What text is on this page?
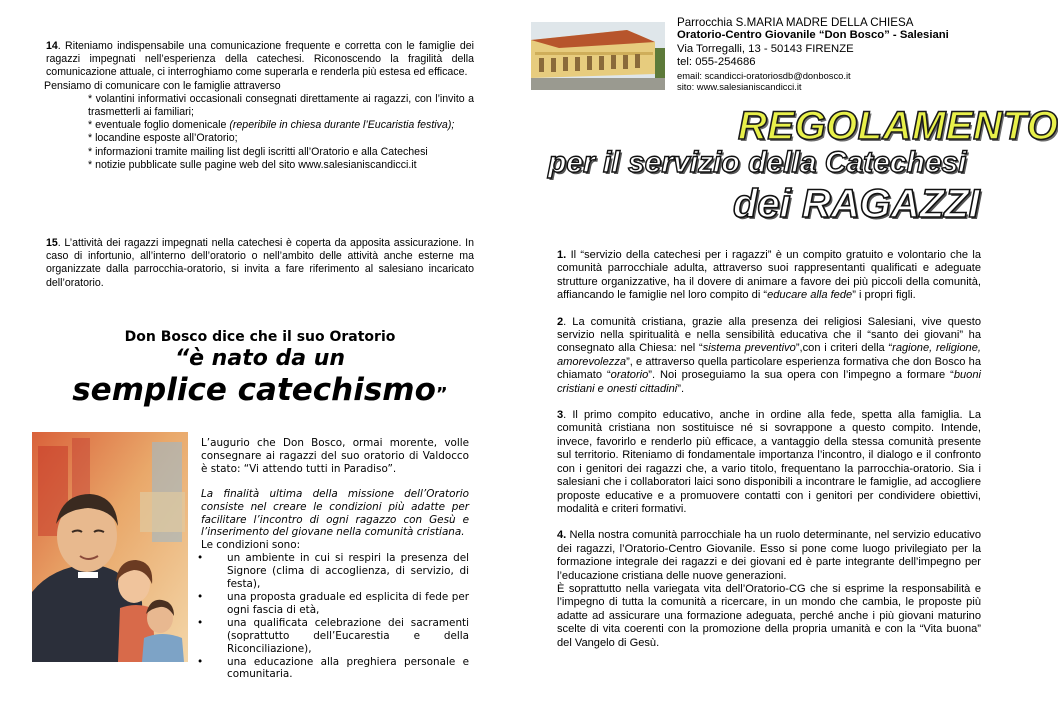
14. Riteniamo indispensabile una comunicazione frequente e corretta con le famiglie dei ragazzi impegnati nell’esperienza della catechesi. Riconoscendo la fragilità della comunicazione attuale, ci interroghiamo come superarla e renderla più estesa ed efficace.

Pensiamo di comunicare con le famiglie attraverso

* volantini informativi occasionali consegnati direttamente ai ragazzi, con l’invito a trasmetterli ai familiari;

* eventuale foglio domenicale (reperibile in chiesa durante l’Eucaristia festiva);

* locandine esposte all’Oratorio;

* informazioni tramite mailing list degli iscritti all’Oratorio e alla Catechesi

* notizie pubblicate sulle pagine web del sito www.salesianiscandicci.it

15. L’attività dei ragazzi impegnati nella catechesi è coperta da apposita assicurazione. In caso di infortunio, all’interno dell’oratorio o nell’ambito delle attività anche esterne ma organizzate dalla parrocchia-oratorio, si invita a fare riferimento al salesiano incaricato dell’oratorio.

Don Bosco dice che il suo Oratorio
“è nato da un
semplice catechismo”

L’augurio che Don Bosco, ormai morente, volle consegnare ai ragazzi del suo oratorio di Valdocco è stato: “Vi attendo tutti in Paradiso”.

La finalità ultima della missione dell’Oratorio consiste nel creare le condizioni più adatte per facilitare l’incontro di ogni ragazzo con Gesù e l’inserimento del giovane nella comunità cristiana.

Le condizioni sono:

•	un ambiente in cui si respiri la presenza del Signore (clima di accoglienza, di servizio, di festa),
•	una proposta graduale ed esplicita di fede per ogni fascia di età,
•	una qualificata celebrazione dei sacramenti (soprattutto dell’Eucarestia e della Riconciliazione),
•	una educazione alla preghiera personale e comunitaria.
Parrocchia S.MARIA MADRE DELLA CHIESA
Oratorio-Centro Giovanile “Don Bosco” - Salesiani
Via Torregalli, 13 - 50143 FIRENZE
tel: 055-254686
email: scandicci-oratoriosdb@donbosco.it
sito: www.salesianiscandicci.it
REGOLAMENTO
per il servizio della Catechesi
dei RAGAZZI

1. Il “servizio della catechesi per i ragazzi” è un compito gratuito e volontario che la comunità parrocchiale adulta, attraverso suoi rappresentanti qualificati e adeguate strutture organizzative, ha il dovere di animare a favore dei più piccoli della comunità, affiancando le famiglie nel loro compito di “educare alla fede” i propri figli.

2. La comunità cristiana, grazie alla presenza dei religiosi Salesiani, vive questo servizio nella spiritualità e nella sensibilità educativa che il “santo dei giovani” ha consegnato alla Chiesa: nel “sistema preventivo”,con i criteri della “ragione, religione, amorevolezza”, e attraverso quella particolare esperienza formativa che don Bosco ha chiamato “oratorio”. Noi proseguiamo la sua opera con l’impegno a formare “buoni cristiani e onesti cittadini”.

3. Il primo compito educativo, anche in ordine alla fede, spetta alla famiglia. La comunità cristiana non sostituisce né si sovrappone a questo compito. Intende, invece, favorirlo e renderlo più efficace, a vantaggio della stessa comunità presente sul territorio. Riteniamo di fondamentale importanza l’incontro, il dialogo e il confronto con i genitori dei ragazzi che, a vario titolo, frequentano la parrocchia-oratorio. Sia i salesiani che i collaboratori laici sono disponibili a incontrare le famiglie, ad accogliere proposte educative e a promuovere contatti con i genitori per condividere obiettivi, modalità e criteri formativi.

4. Nella nostra comunità parrocchiale ha un ruolo determinante, nel servizio educativo dei ragazzi, l’Oratorio-Centro Giovanile. Esso si pone come luogo privilegiato per la formazione integrale dei ragazzi e dei giovani ed è parte integrante dell’impegno per l’educazione cristiana delle nuove generazioni.

È soprattutto nella variegata vita dell’Oratorio-CG che si esprime la responsabilità e l’impegno di tutta la comunità a ricercare, in un mondo che cambia, le proposte più adatte ad assicurare una formazione adeguata, perché anche i più giovani maturino scelte di vita coerenti con la promozione della propria umanità e con la “Vita buona” del Vangelo di Gesù.
